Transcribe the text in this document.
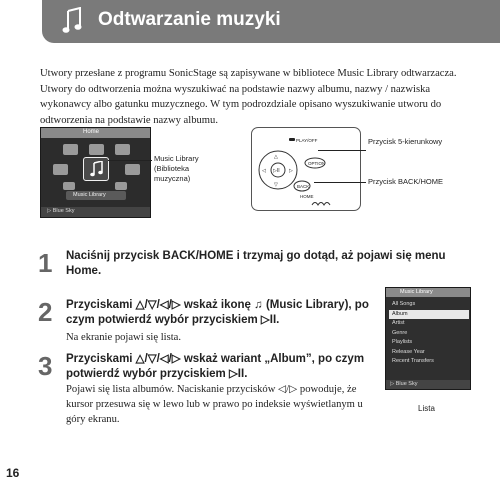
Odtwarzanie muzyki
Utwory przesłane z programu SonicStage są zapisywane w bibliotece Music Library odtwarzacza. Utwory do odtworzenia można wyszukiwać na podstawie nazwy albumu, nazwy / nazwiska wykonawcy albo gatunku muzycznego. W tym podrozdziale opisano wyszukiwanie utworu do odtworzenia na podstawie nazwy albumu.
Home
Music Library
▷ Blue Sky
Music Library (Biblioteka muzyczna)
PLAY/OFF
▷II
△
▽
◁	▷
OPTION
BACK
HOME
Przycisk 5-kierunkowy
Przycisk BACK/HOME
1 Naciśnij przycisk BACK/HOME i trzymaj go dotąd, aż pojawi się menu Home.
2 Przyciskami △/▽/◁/▷ wskaż ikonę ♫ (Music Library), po czym potwierdź wybór przyciskiem ▷II.
Na ekranie pojawi się lista.
3 Przyciskami △/▽/◁/▷ wskaż wariant „Album”, po czym potwierdź wybór przyciskiem ▷II.
Pojawi się lista albumów. Naciskanie przycisków ◁/▷ powoduje, że kursor przesuwa się w lewo lub w prawo po indeksie wyświetlanym u góry ekranu.
Music Library
All Songs
Album
Artist
Genre
Playlists
Release Year
Recent Transfers
▷ Blue Sky
Lista
16
